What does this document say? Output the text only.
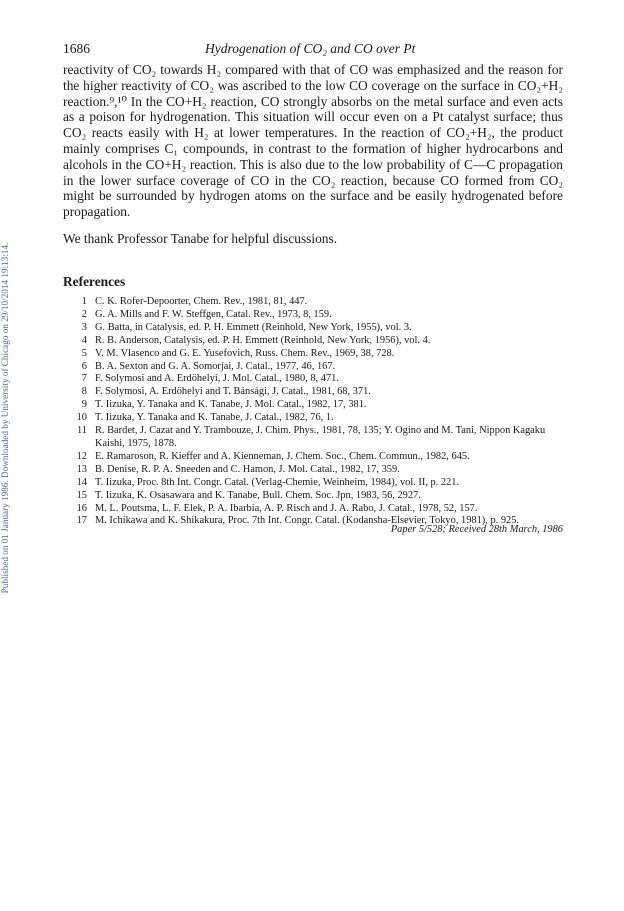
1686	Hydrogenation of CO₂ and CO over Pt
Published on 01 January 1986. Downloaded by University of Chicago on 29/10/2014 19:13:14.

reactivity of CO₂ towards H₂ compared with that of CO was emphasized and the reason for the higher reactivity of CO₂ was ascribed to the low CO coverage on the surface in CO₂+H₂ reaction.⁹,¹⁰ In the CO+H₂ reaction, CO strongly absorbs on the metal surface and even acts as a poison for hydrogenation. This situation will occur even on a Pt catalyst surface; thus CO₂ reacts easily with H₂ at lower temperatures. In the reaction of CO₂+H₂, the product mainly comprises C₁ compounds, in contrast to the formation of higher hydrocarbons and alcohols in the CO+H₂ reaction. This is also due to the low probability of C—C propagation in the lower surface coverage of CO in the CO₂ reaction, because CO formed from CO₂ might be surrounded by hydrogen atoms on the surface and be easily hydrogenated before propagation.

We thank Professor Tanabe for helpful discussions.

References
1 C. K. Rofer-Depoorter, Chem. Rev., 1981, 81, 447.
2 G. A. Mills and F. W. Steffgen, Catal. Rev., 1973, 8, 159.
3 G. Batta, in Catalysis, ed. P. H. Emmett (Reinhold, New York, 1955), vol. 3.
4 R. B. Anderson, Catalysis, ed. P. H. Emmett (Reinhold, New York, 1956), vol. 4.
5 V. M. Vlasenco and G. E. Yusefovich, Russ. Chem. Rev., 1969, 38, 728.
6 B. A. Sexton and G. A. Somorjai, J. Catal., 1977, 46, 167.
7 F. Solymosi and A. Erdöhelyi, J. Mol. Catal., 1980, 8, 471.
8 F. Solymosi, A. Erdöhelyi and T. Bánsági, J. Catal., 1981, 68, 371.
9 T. Iizuka, Y. Tanaka and K. Tanabe, J. Mol. Catal., 1982, 17, 381.
10 T. Iizuka, Y. Tanaka and K. Tanabe, J. Catal., 1982, 76, 1.
11 R. Bardet, J. Cazat and Y. Trambouze, J. Chim. Phys., 1981, 78, 135; Y. Ogino and M. Tani, Nippon Kagaku Kaishi, 1975, 1878.
12 E. Ramaroson, R. Kieffer and A. Kienneman, J. Chem. Soc., Chem. Commun., 1982, 645.
13 B. Denise, R. P. A. Sneeden and C. Hamon, J. Mol. Catal., 1982, 17, 359.
14 T. Iizuka, Proc. 8th Int. Congr. Catal. (Verlag-Chemie, Weinheim, 1984), vol. II, p. 221.
15 T. Iizuka, K. Osasawara and K. Tanabe, Bull. Chem. Soc. Jpn, 1983, 56, 2927.
16 M. L. Poutsma, L. F. Elek, P. A. Ibarbia, A. P. Risch and J. A. Rabo, J. Catal., 1978, 52, 157.
17 M. Ichikawa and K. Shikakura, Proc. 7th Int. Congr. Catal. (Kodansha-Elsevier, Tokyo, 1981), p. 925.
Paper 5/528; Received 28th March, 1986
